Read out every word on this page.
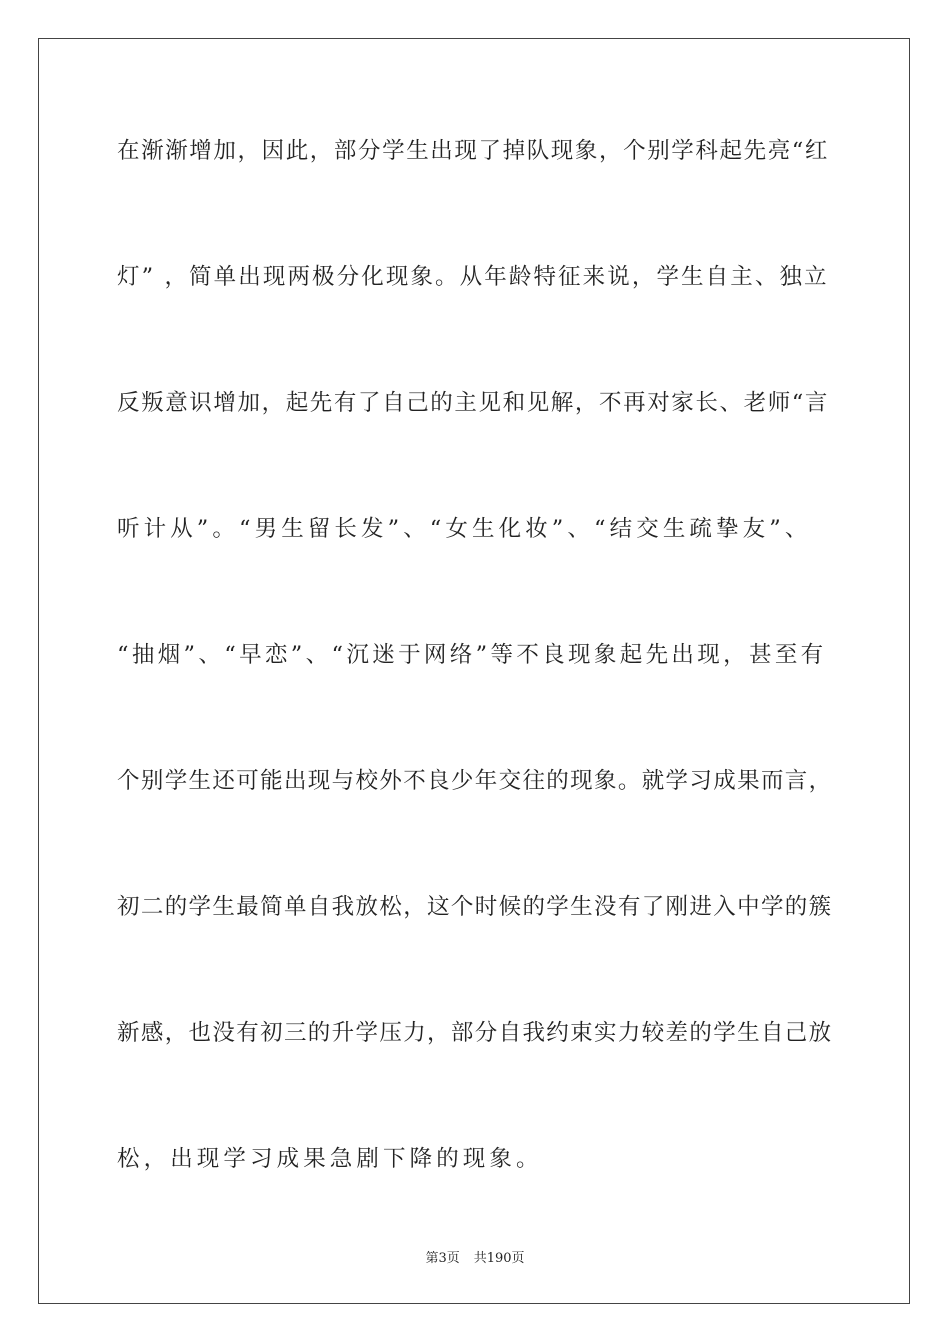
在渐渐增加，因此，部分学生出现了掉队现象，个别学科起先亮“红
灯” ，简单出现两极分化现象。从年龄特征来说，学生自主、独立
反叛意识增加，起先有了自己的主见和见解，不再对家长、老师“言
听计从”。“男生留长发”、“女生化妆”、“结交生疏挚友”、
“抽烟”、“早恋”、“沉迷于网络”等不良现象起先出现，甚至有
个别学生还可能出现与校外不良少年交往的现象。就学习成果而言，
初二的学生最简单自我放松，这个时候的学生没有了刚进入中学的簇
新感，也没有初三的升学压力，部分自我约束实力较差的学生自己放
松，出现学习成果急剧下降的现象。
第3页 共190页
